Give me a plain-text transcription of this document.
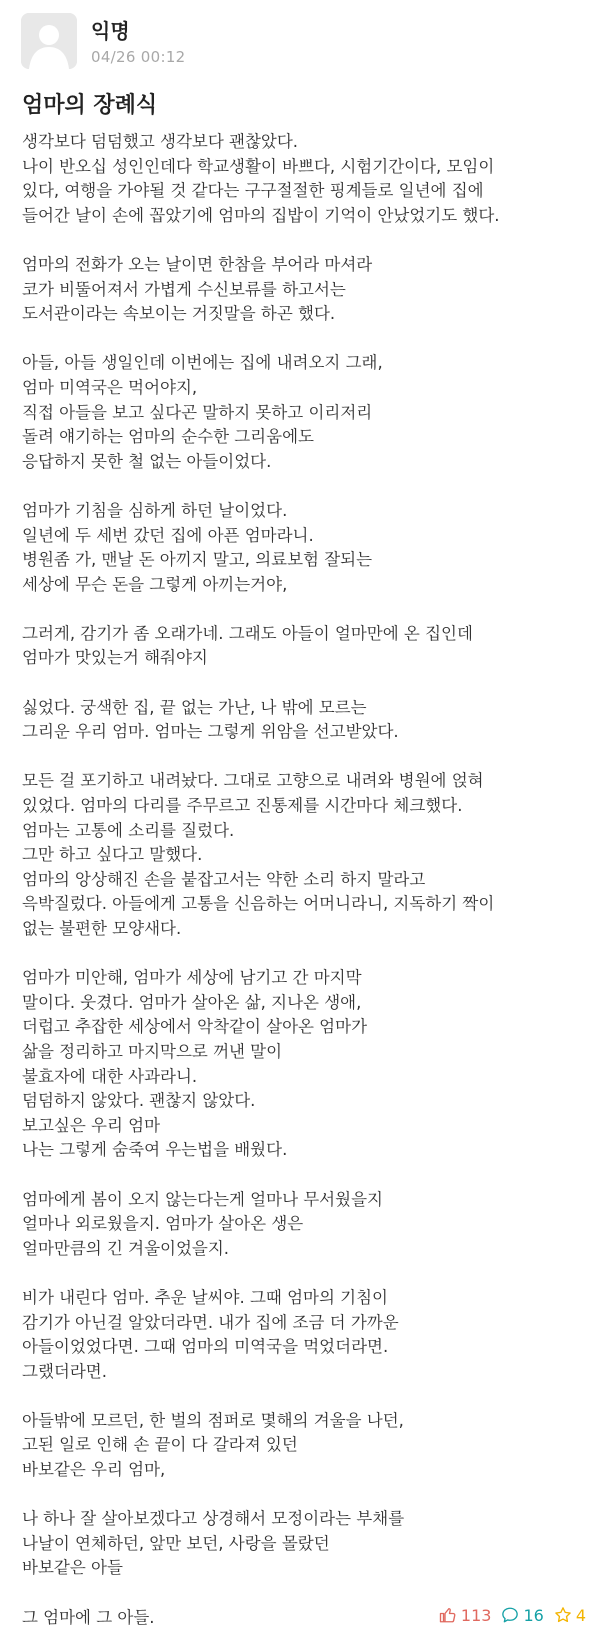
익명
04/26 00:12
엄마의 장례식
생각보다 덤덤했고 생각보다 괜찮았다.
나이 반오십 성인인데다 학교생활이 바쁘다, 시험기간이다, 모임이
있다, 여행을 가야될 것 같다는 구구절절한 핑계들로 일년에 집에
들어간 날이 손에 꼽았기에 엄마의 집밥이 기억이 안났었기도 했다.
엄마의 전화가 오는 날이면 한참을 부어라 마셔라
코가 비뚤어져서 가볍게 수신보류를 하고서는
도서관이라는 속보이는 거짓말을 하곤 했다.
아들, 아들 생일인데 이번에는 집에 내려오지 그래,
엄마 미역국은 먹어야지,
직접 아들을 보고 싶다곤 말하지 못하고 이리저리
돌려 얘기하는 엄마의 순수한 그리움에도
응답하지 못한 철 없는 아들이었다.
엄마가 기침을 심하게 하던 날이었다.
일년에 두 세번 갔던 집에 아픈 엄마라니.
병원좀 가, 맨날 돈 아끼지 말고, 의료보험 잘되는
세상에 무슨 돈을 그렇게 아끼는거야,
그러게, 감기가 좀 오래가네. 그래도 아들이 얼마만에 온 집인데
엄마가 맛있는거 해줘야지
싫었다. 궁색한 집, 끝 없는 가난, 나 밖에 모르는
그리운 우리 엄마. 엄마는 그렇게 위암을 선고받았다.
모든 걸 포기하고 내려놨다. 그대로 고향으로 내려와 병원에 얹혀
있었다. 엄마의 다리를 주무르고 진통제를 시간마다 체크했다.
엄마는 고통에 소리를 질렀다.
그만 하고 싶다고 말했다.
엄마의 앙상해진 손을 붙잡고서는 약한 소리 하지 말라고
윽박질렀다. 아들에게 고통을 신음하는 어머니라니, 지독하기 짝이
없는 불편한 모양새다.
엄마가 미안해, 엄마가 세상에 남기고 간 마지막
말이다. 웃겼다. 엄마가 살아온 삶, 지나온 생애,
더럽고 추잡한 세상에서 악착같이 살아온 엄마가
삶을 정리하고 마지막으로 꺼낸 말이
불효자에 대한 사과라니.
덤덤하지 않았다. 괜찮지 않았다.
보고싶은 우리 엄마
나는 그렇게 숨죽여 우는법을 배웠다.
엄마에게 봄이 오지 않는다는게 얼마나 무서웠을지
얼마나 외로웠을지. 엄마가 살아온 생은
얼마만큼의 긴 겨울이었을지.
비가 내린다 엄마. 추운 날씨야. 그때 엄마의 기침이
감기가 아닌걸 알았더라면. 내가 집에 조금 더 가까운
아들이었었다면. 그때 엄마의 미역국을 먹었더라면.
그랬더라면.
아들밖에 모르던, 한 벌의 점퍼로 몇해의 겨울을 나던,
고된 일로 인해 손 끝이 다 갈라져 있던
바보같은 우리 엄마,
나 하나 잘 살아보겠다고 상경해서 모정이라는 부채를
나날이 연체하던, 앞만 보던, 사랑을 몰랐던
바보같은 아들
그 엄마에 그 아들.	113 16 4
